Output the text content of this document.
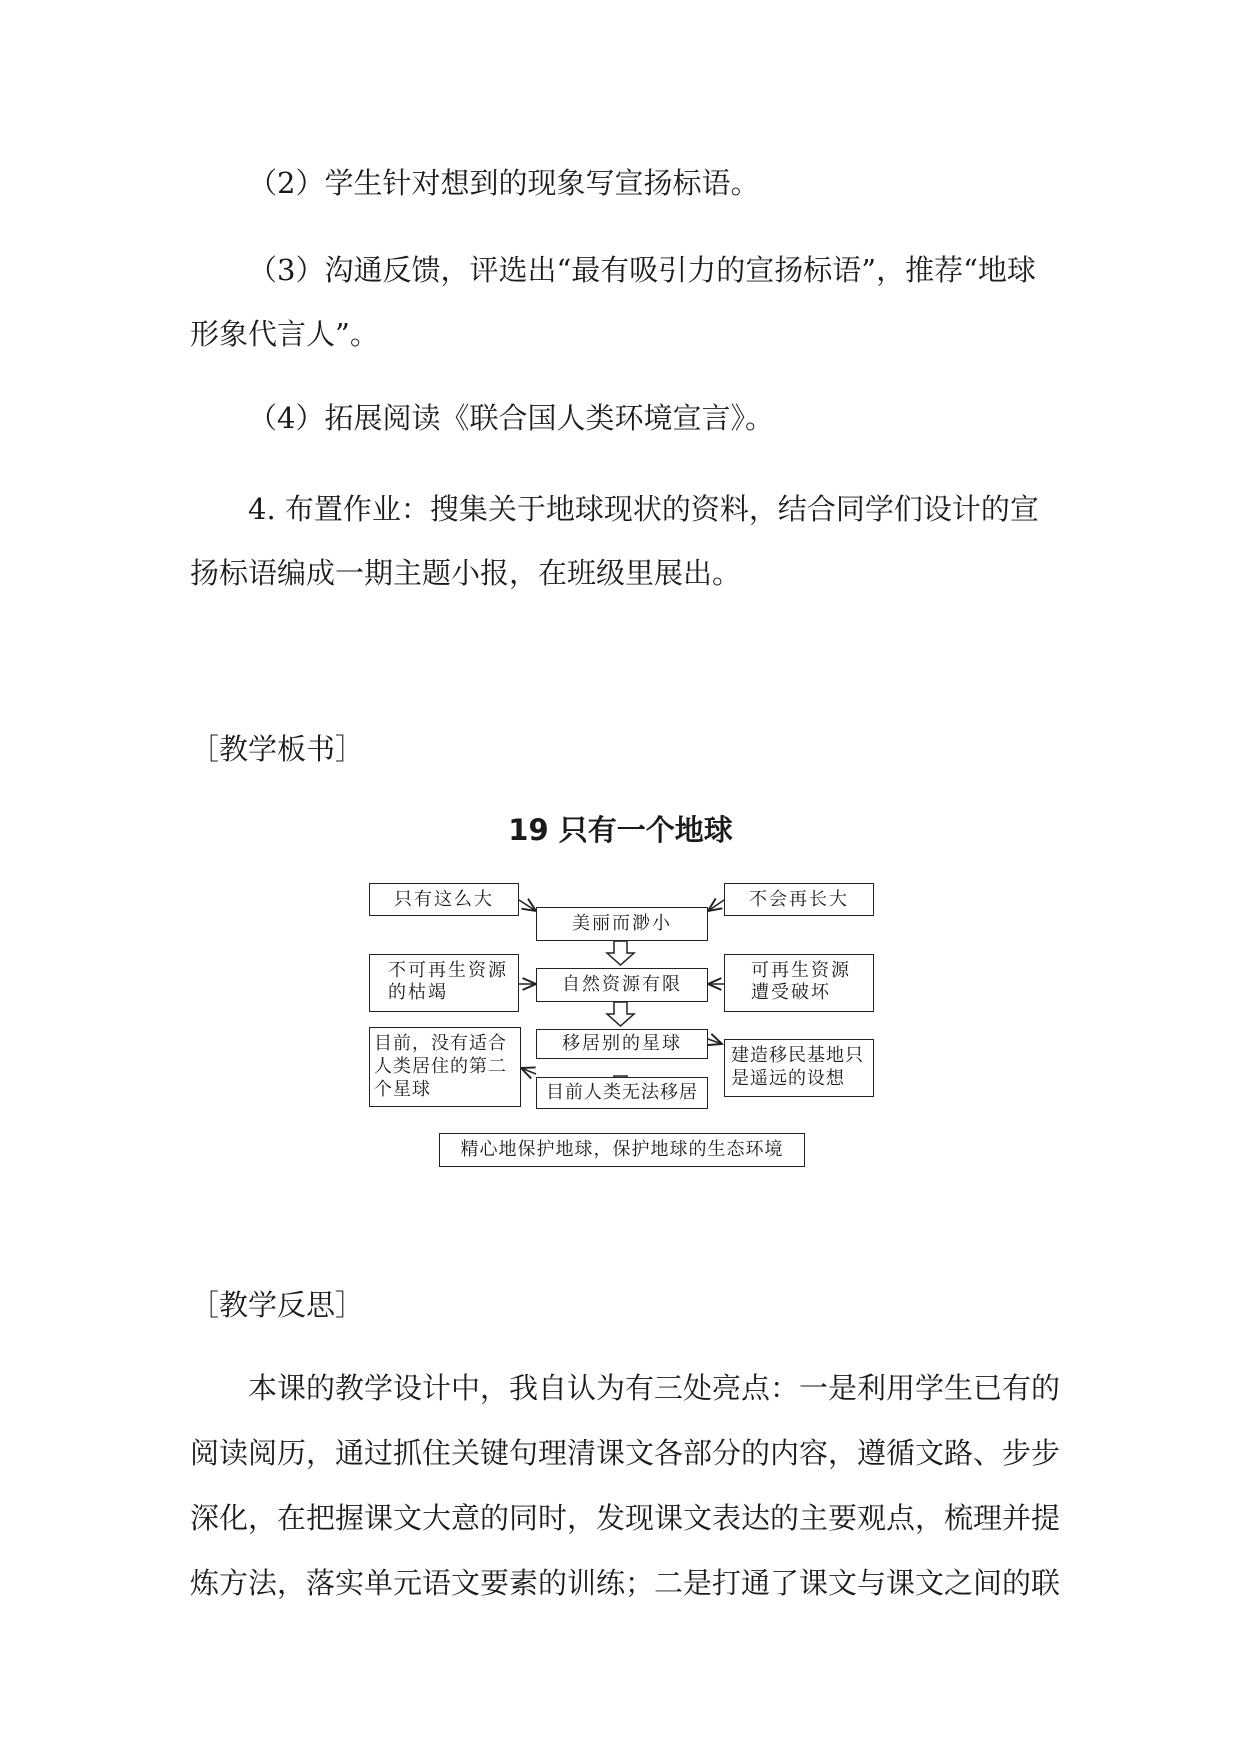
（2）学生针对想到的现象写宣扬标语。

（3）沟通反馈，评选出“最有吸引力的宣扬标语”，推荐“地球形象代言人”。

（4）拓展阅读《联合国人类环境宣言》。

4. 布置作业：搜集关于地球现状的资料，结合同学们设计的宣扬标语编成一期主题小报，在班级里展出。

［教学板书］

19 只有一个地球

只有这么大
美丽而渺小
不会再长大
不可再生资源的枯竭	自然资源有限
可再生资源遭受破坏
移居别的星球
目前，没有适合人类居住的第二个星球
建造移民基地只是遥远的设想
目前人类无法移居
精心地保护地球，保护地球的生态环境

［教学反思］

本课的教学设计中，我自认为有三处亮点：一是利用学生已有的阅读阅历，通过抓住关键句理清课文各部分的内容，遵循文路、步步深化，在把握课文大意的同时，发现课文表达的主要观点，梳理并提炼方法，落实单元语文要素的训练；二是打通了课文与课文之间的联
